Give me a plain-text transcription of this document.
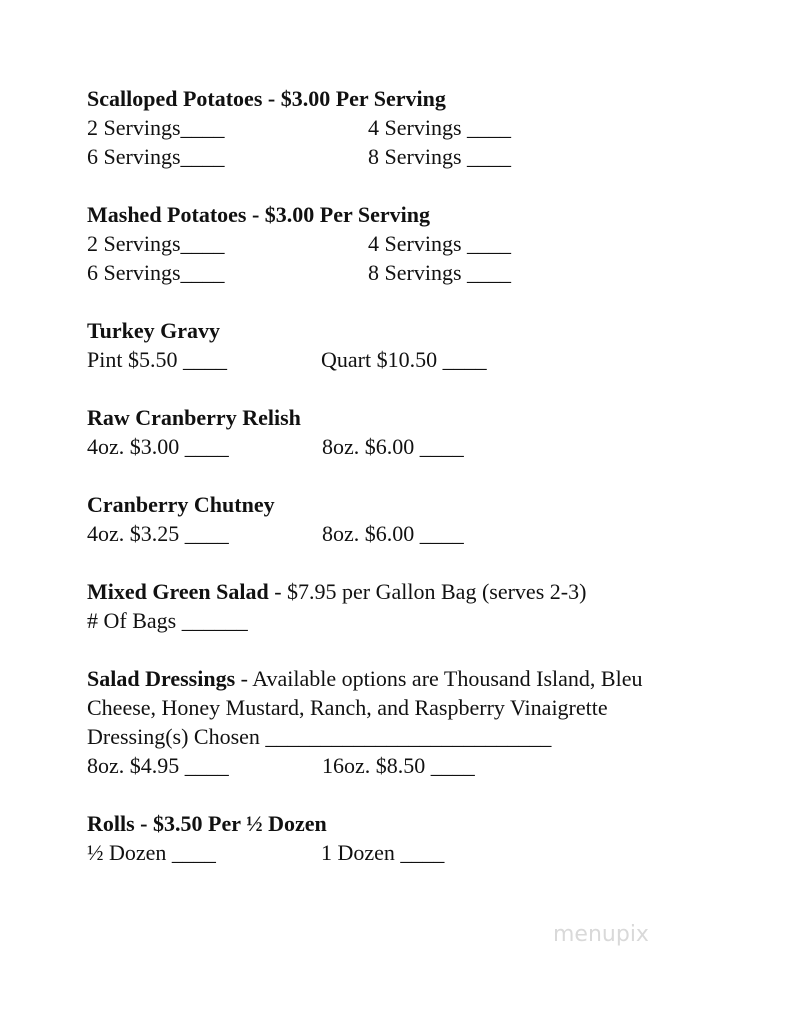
Scalloped Potatoes - $3.00 Per Serving
2 Servings____	4 Servings ____
6 Servings____	8 Servings ____
Mashed Potatoes - $3.00 Per Serving
2 Servings____	4 Servings ____
6 Servings____	8 Servings ____
Turkey Gravy
Pint $5.50 ____	Quart $10.50 ____
Raw Cranberry Relish
4oz. $3.00 ____	8oz. $6.00 ____
Cranberry Chutney
4oz. $3.25 ____	8oz. $6.00 ____
Mixed Green Salad - $7.95 per Gallon Bag (serves 2-3)
# Of Bags ______
Salad Dressings - Available options are Thousand Island, Bleu Cheese, Honey Mustard, Ranch, and Raspberry Vinaigrette
Dressing(s) Chosen __________________________
8oz. $4.95 ____	16oz. $8.50 ____
Rolls - $3.50 Per ½ Dozen
½ Dozen ____	1 Dozen ____
menupix
